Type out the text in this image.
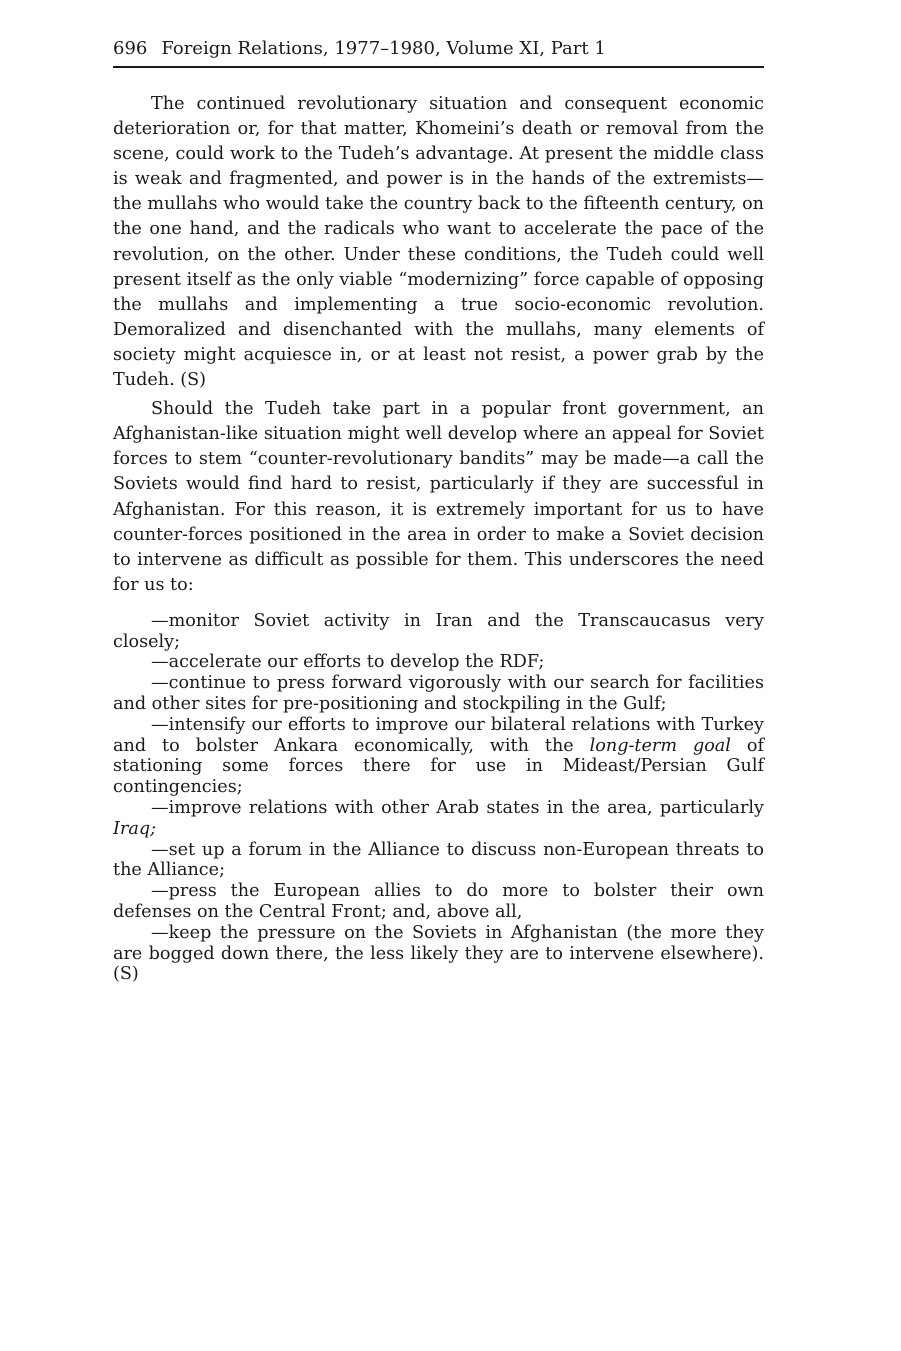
696 Foreign Relations, 1977–1980, Volume XI, Part 1

The continued revolutionary situation and consequent economic deterioration or, for that matter, Khomeini’s death or removal from the scene, could work to the Tudeh’s advantage. At present the middle class is weak and fragmented, and power is in the hands of the extremists—the mullahs who would take the country back to the fifteenth century, on the one hand, and the radicals who want to accelerate the pace of the revolution, on the other. Under these conditions, the Tudeh could well present itself as the only viable “modernizing” force capable of opposing the mullahs and implementing a true socio-economic revolution. Demoralized and disenchanted with the mullahs, many elements of society might acquiesce in, or at least not resist, a power grab by the Tudeh. (S)

Should the Tudeh take part in a popular front government, an Afghanistan-like situation might well develop where an appeal for Soviet forces to stem “counter-revolutionary bandits” may be made—a call the Soviets would find hard to resist, particularly if they are successful in Afghanistan. For this reason, it is extremely important for us to have counter-forces positioned in the area in order to make a Soviet decision to intervene as difficult as possible for them. This underscores the need for us to:

—monitor Soviet activity in Iran and the Transcaucasus very closely;

—accelerate our efforts to develop the RDF;

—continue to press forward vigorously with our search for facilities and other sites for pre-positioning and stockpiling in the Gulf;

—intensify our efforts to improve our bilateral relations with Turkey and to bolster Ankara economically, with the long-term goal of stationing some forces there for use in Mideast/Persian Gulf contingencies;

—improve relations with other Arab states in the area, particularly Iraq;

—set up a forum in the Alliance to discuss non-European threats to the Alliance;

—press the European allies to do more to bolster their own defenses on the Central Front; and, above all,

—keep the pressure on the Soviets in Afghanistan (the more they are bogged down there, the less likely they are to intervene elsewhere). (S)
